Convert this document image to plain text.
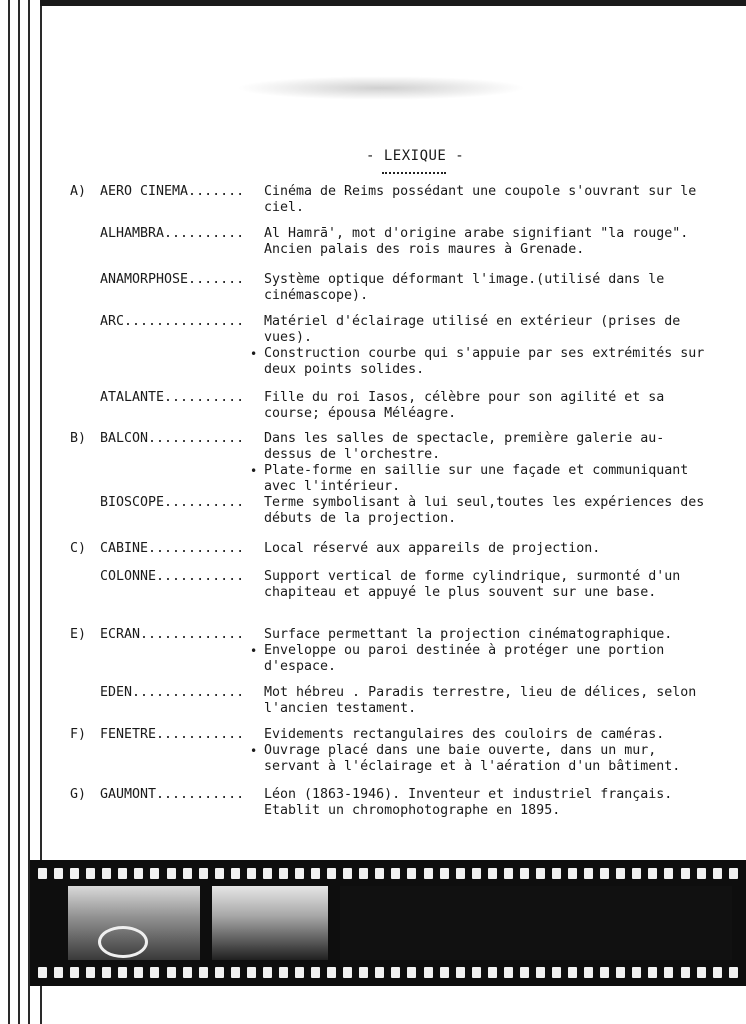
- LEXIQUE -
A)	AERO CINEMA.......	Cinéma de Reims possédant une coupole s'ouvrant sur le ciel.
ALHAMBRA..........	Al Hamrā', mot d'origine arabe signifiant "la rouge". Ancien palais des rois maures à Grenade.
ANAMORPHOSE.......	Système optique déformant l'image.(utilisé dans le cinémascope).
ARC...............	Matériel d'éclairage utilisé en extérieur (prises de vues).
• Construction courbe qui s'appuie par ses extrémités sur deux points solides.
ATALANTE..........	Fille du roi Iasos, célèbre pour son agilité et sa course; épousa Méléagre.
B)	BALCON............	Dans les salles de spectacle, première galerie au-dessus de l'orchestre.
• Plate-forme en saillie sur une façade et communiquant avec l'intérieur.
BIOSCOPE..........	Terme symbolisant à lui seul,toutes les expériences des débuts de la projection.
C)	CABINE............	Local réservé aux appareils de projection.
COLONNE...........	Support vertical de forme cylindrique, surmonté d'un chapiteau et appuyé le plus souvent sur une base.
E)	ECRAN.............	Surface permettant la projection cinématographique.
• Enveloppe ou paroi destinée à protéger une portion d'espace.
EDEN..............	Mot hébreu . Paradis terrestre, lieu de délices, selon l'ancien testament.
F)	FENETRE...........	Evidements rectangulaires des couloirs de caméras.
• Ouvrage placé dans une baie ouverte, dans un mur, servant à l'éclairage et à l'aération d'un bâtiment.
G)	GAUMONT...........	Léon (1863-1946). Inventeur et industriel français. Etablit un chromophotographe en 1895.
